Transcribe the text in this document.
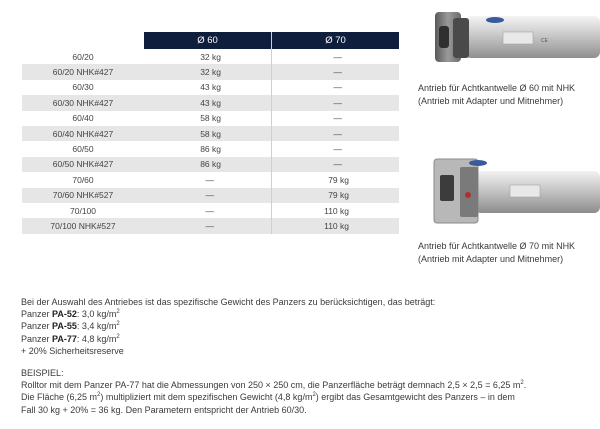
	Ø 60	Ø 70
60/20	32 kg	—
60/20 NHK#427	32 kg	—
60/30	43 kg	—
60/30 NHK#427	43 kg	—
60/40	58 kg	—
60/40 NHK#427	58 kg	—
60/50	86 kg	—
60/50 NHK#427	86 kg	—
70/60	—	79 kg
70/60 NHK#527	—	79 kg
70/100	—	110 kg
70/100 NHK#527	—	110 kg
CE
Antrieb für Achtkantwelle Ø 60 mit NHK
(Antrieb mit Adapter und Mitnehmer)
Antrieb für Achtkantwelle Ø 70 mit NHK
(Antrieb mit Adapter und Mitnehmer)

Bei der Auswahl des Antriebes ist das spezifische Gewicht des Panzers zu berücksichtigen, das beträgt:

Panzer PA-52: 3,0 $kg/m^2$

Panzer PA-55: 3,4 $kg/m^2$

Panzer PA-77: 4,8 $kg/m^2$

+ 20% Sicherheitsreserve

BEISPIEL:

Rolltor mit dem Panzer PA-77 hat die Abmessungen von 250 × 250 cm, die Panzerfläche beträgt demnach 2,5 × 2,5 = 6,25 $m^2$.

Die Fläche (6,25 $m^2$) multipliziert mit dem spezifischen Gewicht (4,8 $kg/m^2$) ergibt das Gesamtgewicht des Panzers – in dem

Fall 30 kg + 20% = 36 kg. Den Parametern entspricht der Antrieb 60/30.
